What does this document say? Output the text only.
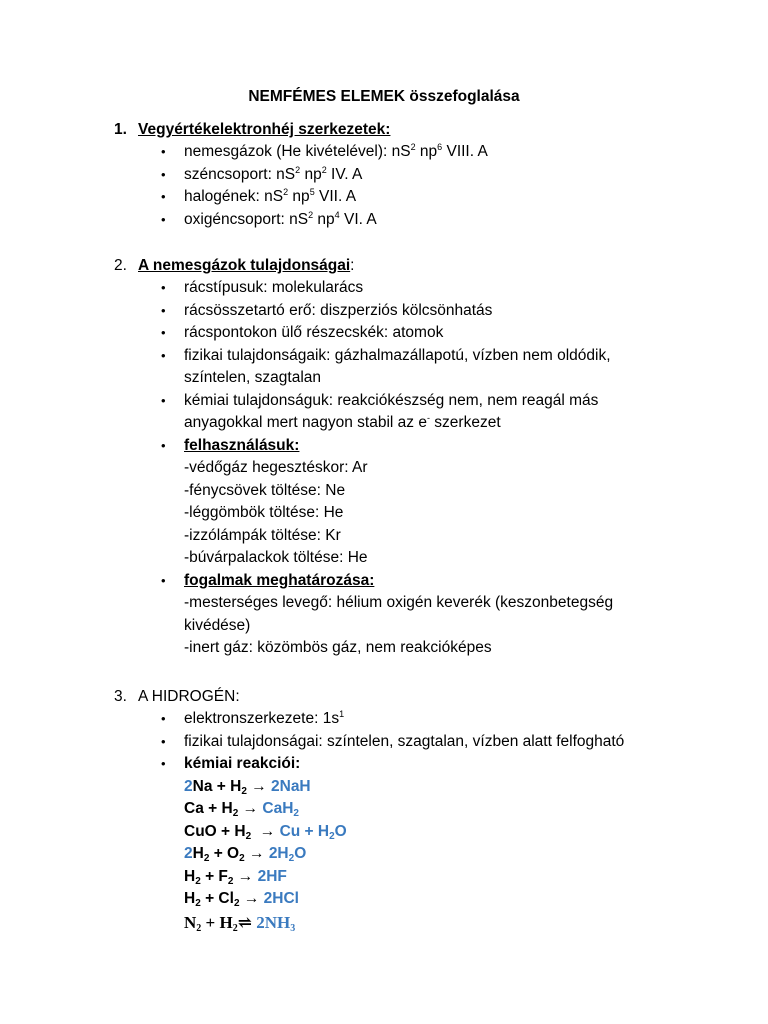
NEMFÉMES ELEMEK összefoglalása
1. Vegyértékelektronhéj szerkezetek:
• nemesgázok (He kivételével): $nS^2$ $np^6$ VIII. A
• széncsoport: $nS^2$ $np^2$ IV. A
• halogének: $nS^2$ $np^5$ VII. A
• oxigéncsoport: $nS^2$ $np^4$ VI. A
2. A nemesgázok tulajdonságai:
• rácstípusuk: molekularács
• rácsösszetartó erő: diszperziós kölcsönhatás
• rácspontokon ülő részecskék: atomok
• fizikai tulajdonságaik: gázhalmazállapotú, vízben nem oldódik,
színtelen, szagtalan
• kémiai tulajdonságuk: reakciókészség nem, nem reagál más
anyagokkal mert nagyon stabil az e- szerkezet
• felhasználásuk:
-védőgáz hegesztéskor: Ar
-fénycsövek töltése: Ne
-léggömbök töltése: He
-izzólámpák töltése: Kr
-búvárpalackok töltése: He
• fogalmak meghatározása:
-mesterséges levegő: hélium oxigén keverék (keszonbetegség
kivédése)
-inert gáz: közömbös gáz, nem reakcióképes
3. A HIDROGÉN:
• elektronszerkezete: $1s^1$
• fizikai tulajdonságai: színtelen, szagtalan, vízben alatt felfogható
• kémiai reakciói:
$2Na + H_2 \to 2NaH$
$Ca + H_2 \to CaH_2$
CuO + $H_2 \to Cu + H_2O$
$2H_2 + O_2 \to 2H_2O$
$H_2 + F_2 \to 2HF$
$H_2 + Cl_2 \to 2HCl$
$N_2$ + $H_2\rightleftharpoons$ $2NH_3$
